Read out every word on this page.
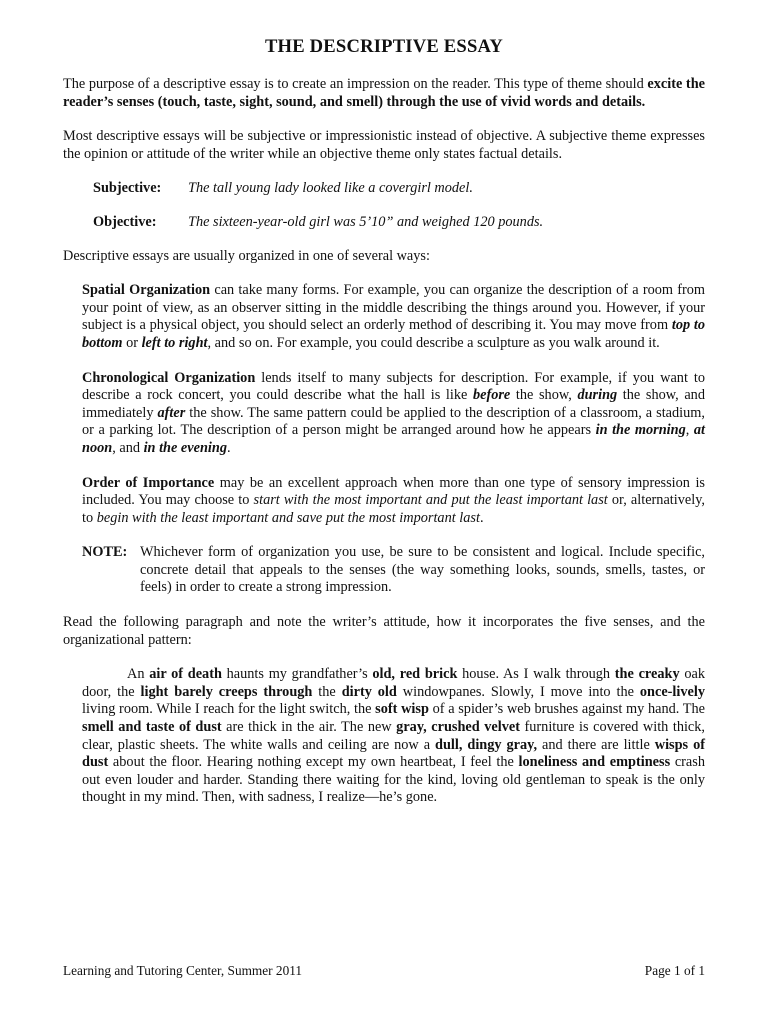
THE DESCRIPTIVE ESSAY

The purpose of a descriptive essay is to create an impression on the reader. This type of theme should excite the reader’s senses (touch, taste, sight, sound, and smell) through the use of vivid words and details.

Most descriptive essays will be subjective or impressionistic instead of objective. A subjective theme expresses the opinion or attitude of the writer while an objective theme only states factual details.

Subjective: The tall young lady looked like a covergirl model.
Objective: The sixteen-year-old girl was 5’10” and weighed 120 pounds.

Descriptive essays are usually organized in one of several ways:

Spatial Organization can take many forms. For example, you can organize the description of a room from your point of view, as an observer sitting in the middle describing the things around you. However, if your subject is a physical object, you should select an orderly method of describing it. You may move from top to bottom or left to right, and so on. For example, you could describe a sculpture as you walk around it.

Chronological Organization lends itself to many subjects for description. For example, if you want to describe a rock concert, you could describe what the hall is like before the show, during the show, and immediately after the show. The same pattern could be applied to the description of a classroom, a stadium, or a parking lot. The description of a person might be arranged around how he appears in the morning, at noon, and in the evening.

Order of Importance may be an excellent approach when more than one type of sensory impression is included. You may choose to start with the most important and put the least important last or, alternatively, to begin with the least important and save put the most important last.

NOTE: Whichever form of organization you use, be sure to be consistent and logical. Include specific, concrete detail that appeals to the senses (the way something looks, sounds, smells, tastes, or feels) in order to create a strong impression.

Read the following paragraph and note the writer’s attitude, how it incorporates the five senses, and the organizational pattern:

An air of death haunts my grandfather’s old, red brick house. As I walk through the creaky oak door, the light barely creeps through the dirty old windowpanes. Slowly, I move into the once-lively living room. While I reach for the light switch, the soft wisp of a spider’s web brushes against my hand. The smell and taste of dust are thick in the air. The new gray, crushed velvet furniture is covered with thick, clear, plastic sheets. The white walls and ceiling are now a dull, dingy gray, and there are little wisps of dust about the floor. Hearing nothing except my own heartbeat, I feel the loneliness and emptiness crash out even louder and harder. Standing there waiting for the kind, loving old gentleman to speak is the only thought in my mind. Then, with sadness, I realize—he’s gone.

Learning and Tutoring Center, Summer 2011	Page 1 of 1
